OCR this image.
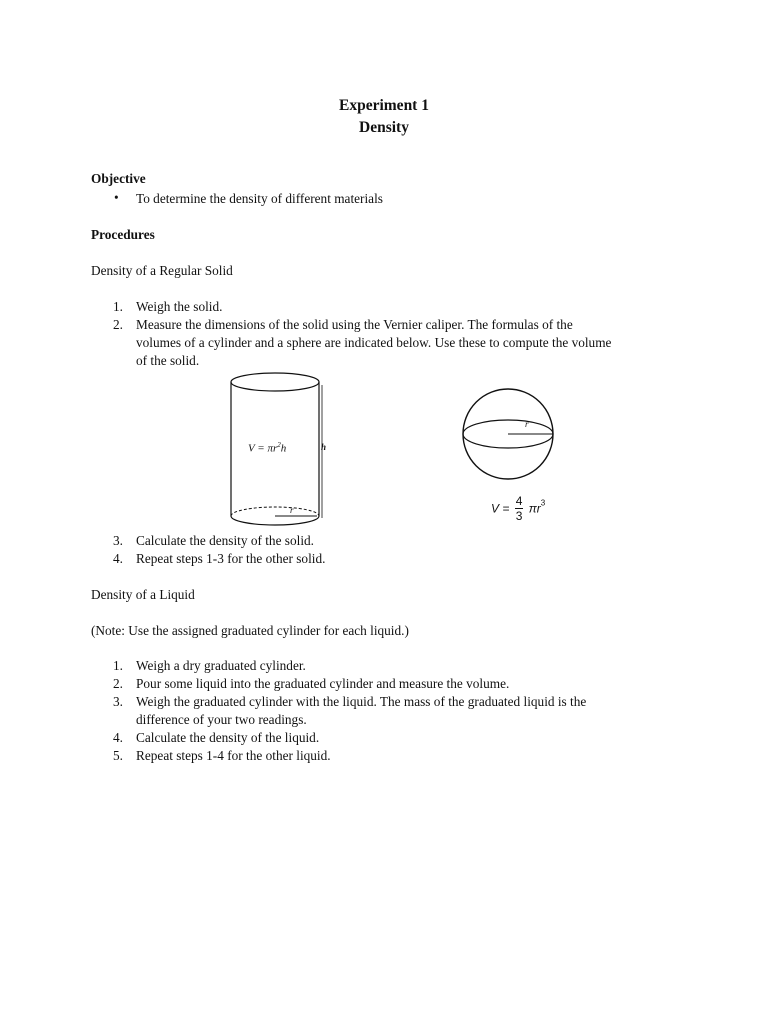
Experiment 1
Density
Objective
• To determine the density of different materials
Procedures
Density of a Regular Solid
1. Weigh the solid.
2. Measure the dimensions of the solid using the Vernier caliper. The formulas of the
volumes of a cylinder and a sphere are indicated below. Use these to compute the volume
of the solid.
$V = \pi r^2h$	h
r
r
$V = \frac{4}{3} \pi r^3$
3. Calculate the density of the solid.
4. Repeat steps 1-3 for the other solid.
Density of a Liquid
(Note: Use the assigned graduated cylinder for each liquid.)
1. Weigh a dry graduated cylinder.
2. Pour some liquid into the graduated cylinder and measure the volume.
3. Weigh the graduated cylinder with the liquid. The mass of the graduated liquid is the
difference of your two readings.
4. Calculate the density of the liquid.
5. Repeat steps 1-4 for the other liquid.
